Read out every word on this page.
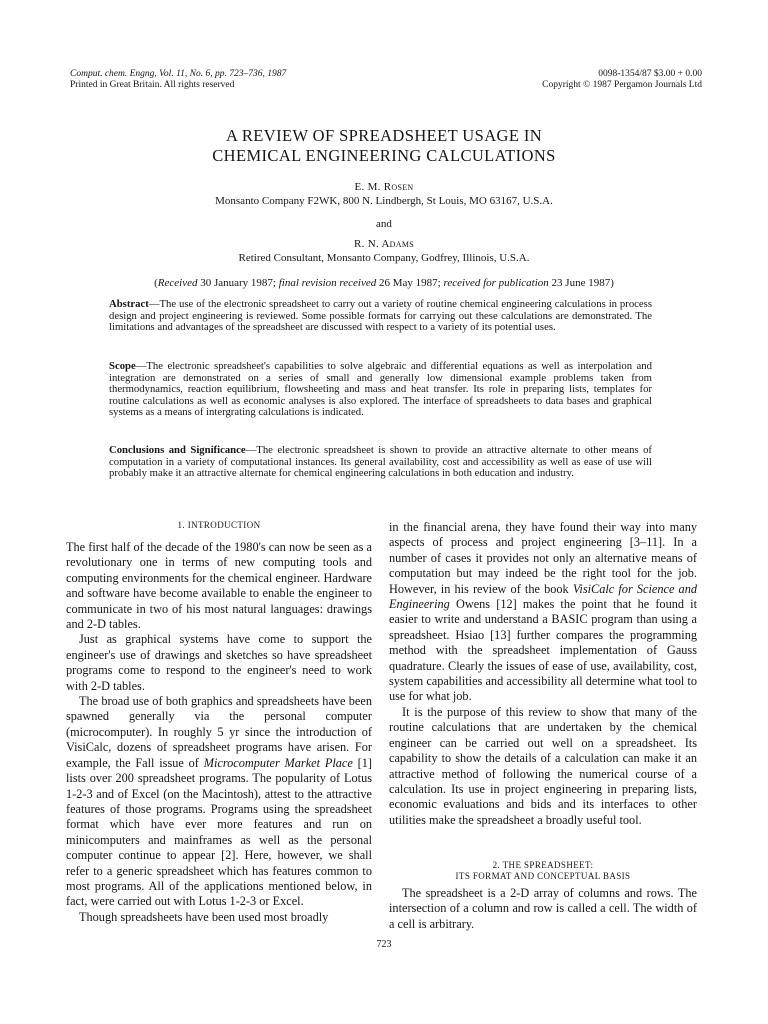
Comput. chem. Engng, Vol. 11, No. 6, pp. 723–736, 1987
Printed in Great Britain. All rights reserved
0098-1354/87 $3.00 + 0.00
Copyright © 1987 Pergamon Journals Ltd
A REVIEW OF SPREADSHEET USAGE IN
CHEMICAL ENGINEERING CALCULATIONS
E. M. Rosen
Monsanto Company F2WK, 800 N. Lindbergh, St Louis, MO 63167, U.S.A.
and
R. N. Adams
Retired Consultant, Monsanto Company, Godfrey, Illinois, U.S.A.
(Received 30 January 1987; final revision received 26 May 1987; received for publication 23 June 1987)
Abstract—The use of the electronic spreadsheet to carry out a variety of routine chemical engineering calculations in process design and project engineering is reviewed. Some possible formats for carrying out these calculations are demonstrated. The limitations and advantages of the spreadsheet are discussed with respect to a variety of its potential uses.
Scope—The electronic spreadsheet's capabilities to solve algebraic and differential equations as well as interpolation and integration are demonstrated on a series of small and generally low dimensional example problems taken from thermodynamics, reaction equilibrium, flowsheeting and mass and heat transfer. Its role in preparing lists, templates for routine calculations as well as economic analyses is also explored. The interface of spreadsheets to data bases and graphical systems as a means of intergrating calculations is indicated.
Conclusions and Significance—The electronic spreadsheet is shown to provide an attractive alternate to other means of computation in a variety of computational instances. Its general availability, cost and accessibility as well as ease of use will probably make it an attractive alternate for chemical engineering calculations in both education and industry.
1. INTRODUCTION

The first half of the decade of the 1980's can now be seen as a revolutionary one in terms of new computing tools and computing environments for the chemical engineer. Hardware and software have become available to enable the engineer to communicate in two of his most natural languages: drawings and 2-D tables.

Just as graphical systems have come to support the engineer's use of drawings and sketches so have spreadsheet programs come to respond to the engineer's need to work with 2-D tables.

The broad use of both graphics and spreadsheets have been spawned generally via the personal computer (microcomputer). In roughly 5 yr since the introduction of VisiCalc, dozens of spreadsheet programs have arisen. For example, the Fall issue of Microcomputer Market Place [1] lists over 200 spreadsheet programs. The popularity of Lotus 1-2-3 and of Excel (on the Macintosh), attest to the attractive features of those programs. Programs using the spreadsheet format which have ever more features and run on minicomputers and mainframes as well as the personal computer continue to appear [2]. Here, however, we shall refer to a generic spreadsheet which has features common to most programs. All of the applications mentioned below, in fact, were carried out with Lotus 1-2-3 or Excel.

Though spreadsheets have been used most broadly

in the financial arena, they have found their way into many aspects of process and project engineering [3–11]. In a number of cases it provides not only an alternative means of computation but may indeed be the right tool for the job. However, in his review of the book VisiCalc for Science and Engineering Owens [12] makes the point that he found it easier to write and understand a BASIC program than using a spreadsheet. Hsiao [13] further compares the programming method with the spreadsheet implementation of Gauss quadrature. Clearly the issues of ease of use, availability, cost, system capabilities and accessibility all determine what tool to use for what job.

It is the purpose of this review to show that many of the routine calculations that are undertaken by the chemical engineer can be carried out well on a spreadsheet. Its capability to show the details of a calculation can make it an attractive method of following the numerical course of a calculation. Its use in project engineering in preparing lists, economic evaluations and bids and its interfaces to other utilities make the spreadsheet a broadly useful tool.

2. THE SPREADSHEET:
ITS FORMAT AND CONCEPTUAL BASIS

The spreadsheet is a 2-D array of columns and rows. The intersection of a column and row is called a cell. The width of a cell is arbitrary.

723
